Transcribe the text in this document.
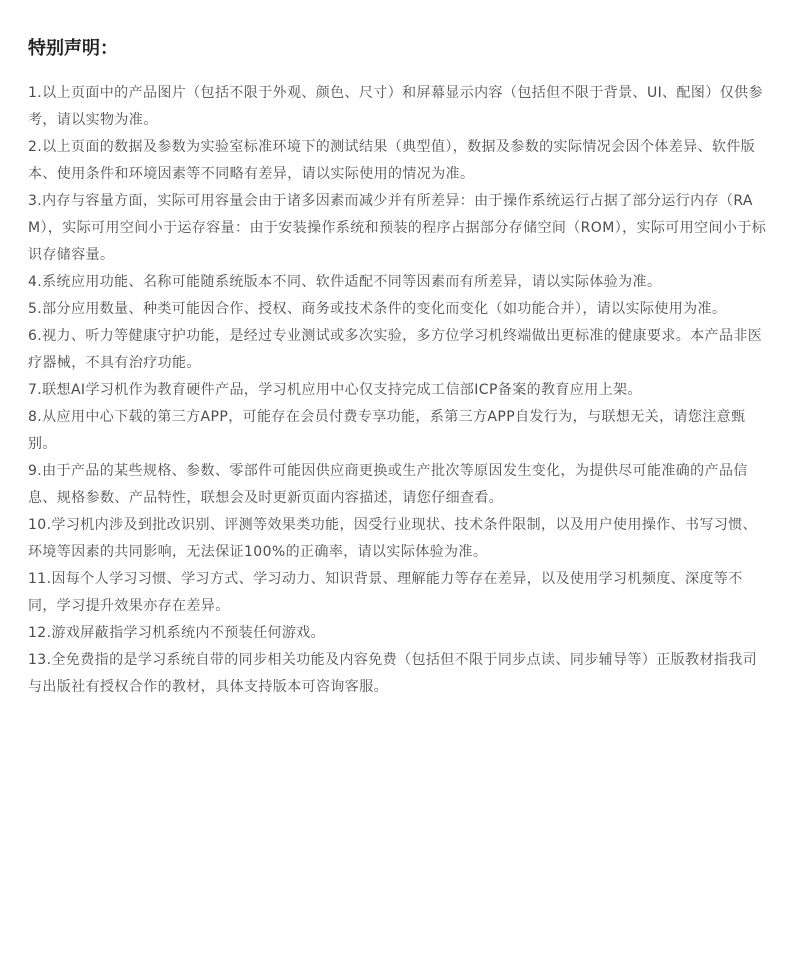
特别声明：
1.以上页面中的产品图片（包括不限于外观、颜色、尺寸）和屏幕显示内容（包括但不限于背景、UI、配图）仅供参考，请以实物为准。
2.以上页面的数据及参数为实验室标准环境下的测试结果（典型值），数据及参数的实际情况会因个体差异、软件版本、使用条件和环境因素等不同略有差异，请以实际使用的情况为准。
3.内存与容量方面，实际可用容量会由于诸多因素而减少并有所差异：由于操作系统运行占据了部分运行内存（RAM），实际可用空间小于运存容量：由于安装操作系统和预装的程序占据部分存储空间（ROM），实际可用空间小于标识存储容量。
4.系统应用功能、名称可能随系统版本不同、软件适配不同等因素而有所差异，请以实际体验为准。
5.部分应用数量、种类可能因合作、授权、商务或技术条件的变化而变化（如功能合并），请以实际使用为准。
6.视力、听力等健康守护功能，是经过专业测试或多次实验，多方位学习机终端做出更标准的健康要求。本产品非医疗器械，不具有治疗功能。
7.联想AI学习机作为教育硬件产品，学习机应用中心仅支持完成工信部ICP备案的教育应用上架。
8.从应用中心下载的第三方APP，可能存在会员付费专享功能，系第三方APP自发行为，与联想无关，请您注意甄别。
9.由于产品的某些规格、参数、零部件可能因供应商更换或生产批次等原因发生变化，为提供尽可能准确的产品信息、规格参数、产品特性，联想会及时更新页面内容描述，请您仔细查看。
10.学习机内涉及到批改识别、评测等效果类功能，因受行业现状、技术条件限制，以及用户使用操作、书写习惯、环境等因素的共同影响，无法保证100%的正确率，请以实际体验为准。
11.因每个人学习习惯、学习方式、学习动力、知识背景、理解能力等存在差异，以及使用学习机频度、深度等不同，学习提升效果亦存在差异。
12.游戏屏蔽指学习机系统内不预装任何游戏。
13.全免费指的是学习系统自带的同步相关功能及内容免费（包括但不限于同步点读、同步辅导等）正版教材指我司与出版社有授权合作的教材，具体支持版本可咨询客服。
